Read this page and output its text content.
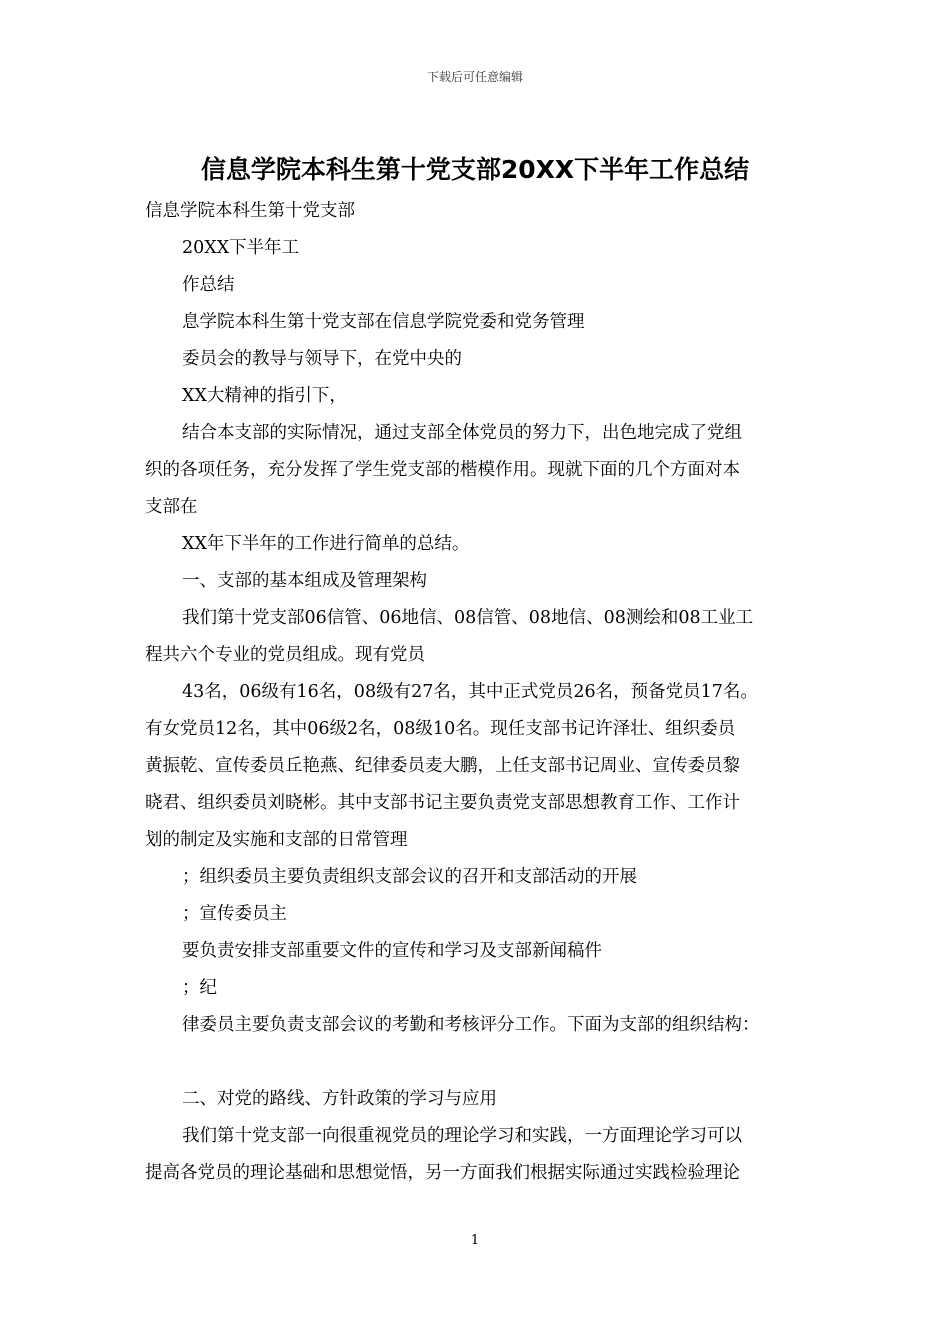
下载后可任意编辑
信息学院本科生第十党支部20XX下半年工作总结
信息学院本科生第十党支部
20XX下半年工
作总结
息学院本科生第十党支部在信息学院党委和党务管理
委员会的教导与领导下，在党中央的
XX大精神的指引下，
结合本支部的实际情况，通过支部全体党员的努力下，出色地完成了党组
织的各项任务，充分发挥了学生党支部的楷模作用。现就下面的几个方面对本
支部在
XX年下半年的工作进行简单的总结。
一、支部的基本组成及管理架构
我们第十党支部06信管、06地信、08信管、08地信、08测绘和08工业工
程共六个专业的党员组成。现有党员
43名，06级有16名，08级有27名，其中正式党员26名，预备党员17名。
有女党员12名，其中06级2名，08级10名。现任支部书记许泽壮、组织委员
黄振乾、宣传委员丘艳燕、纪律委员麦大鹏，上任支部书记周业、宣传委员黎
晓君、组织委员刘晓彬。其中支部书记主要负责党支部思想教育工作、工作计
划的制定及实施和支部的日常管理
；组织委员主要负责组织支部会议的召开和支部活动的开展
；宣传委员主
要负责安排支部重要文件的宣传和学习及支部新闻稿件
；纪
律委员主要负责支部会议的考勤和考核评分工作。下面为支部的组织结构：
二、对党的路线、方针政策的学习与应用
我们第十党支部一向很重视党员的理论学习和实践，一方面理论学习可以
提高各党员的理论基础和思想觉悟，另一方面我们根据实际通过实践检验理论
1
